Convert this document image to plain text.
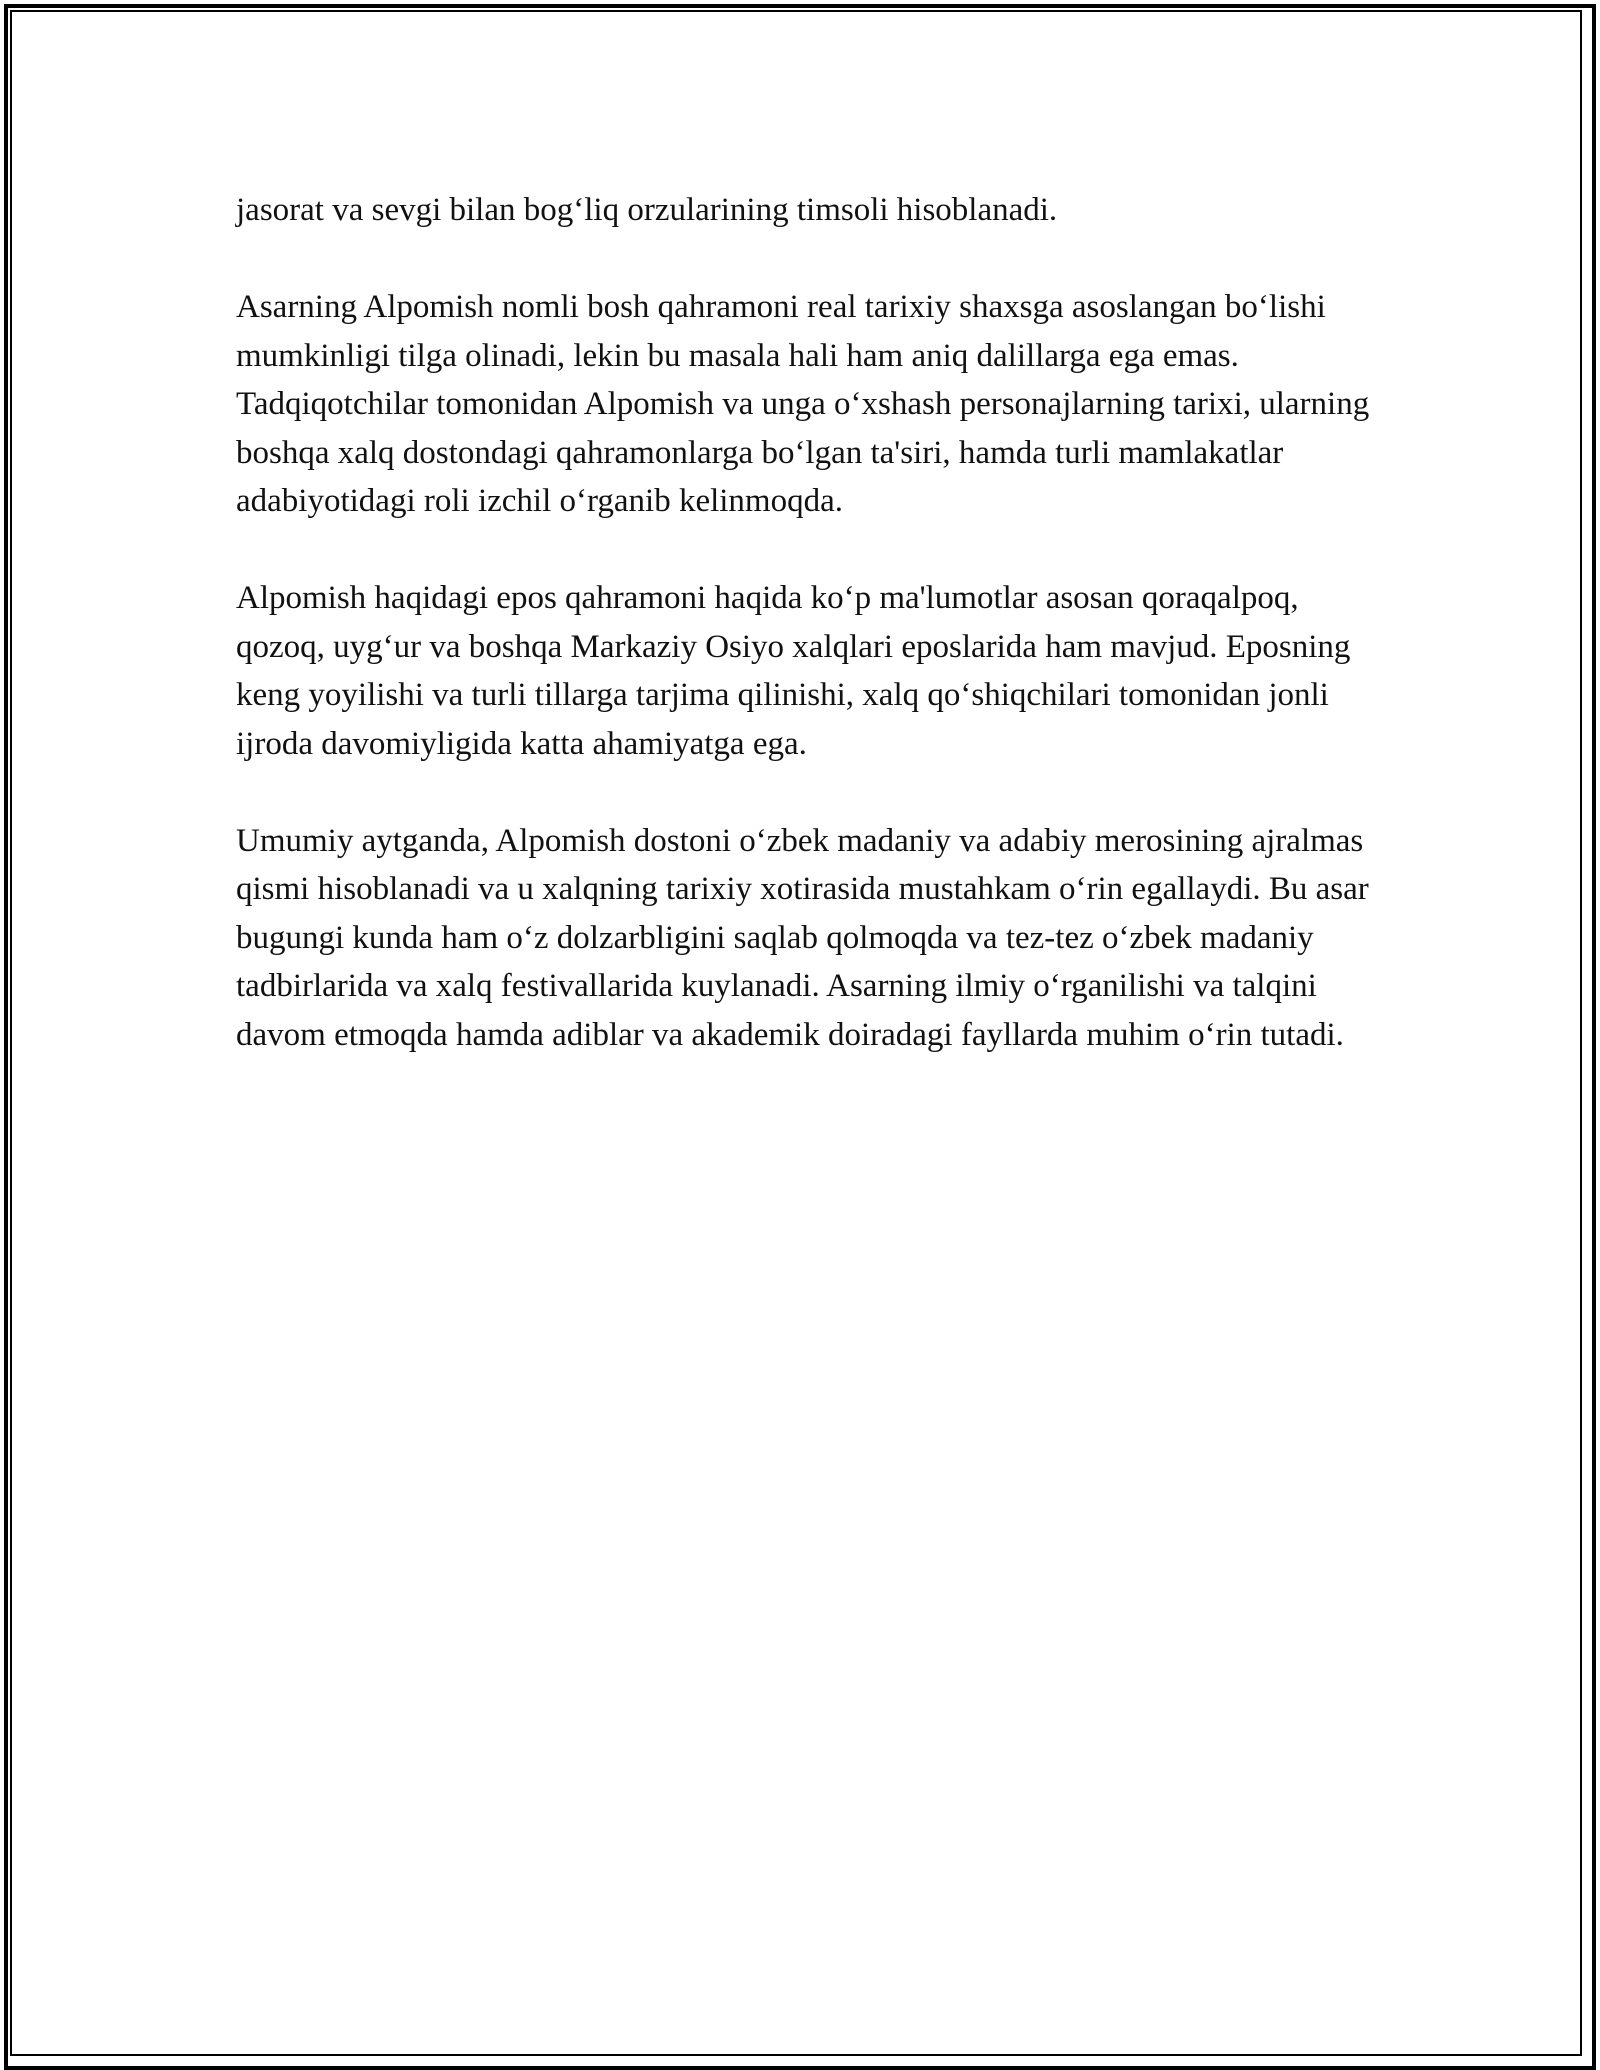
jasorat va sevgi bilan bog‘liq orzularining timsoli hisoblanadi.

Asarning Alpomish nomli bosh qahramoni real tarixiy shaxsga asoslangan bo‘lishi mumkinligi tilga olinadi, lekin bu masala hali ham aniq dalillarga ega emas. Tadqiqotchilar tomonidan Alpomish va unga o‘xshash personajlarning tarixi, ularning boshqa xalq dostondagi qahramonlarga bo‘lgan ta'siri, hamda turli mamlakatlar adabiyotidagi roli izchil o‘rganib kelinmoqda.

Alpomish haqidagi epos qahramoni haqida ko‘p ma'lumotlar asosan qoraqalpoq, qozoq, uyg‘ur va boshqa Markaziy Osiyo xalqlari eposlarida ham mavjud. Eposning keng yoyilishi va turli tillarga tarjima qilinishi, xalq qo‘shiqchilari tomonidan jonli ijroda davomiyligida katta ahamiyatga ega.

Umumiy aytganda, Alpomish dostoni o‘zbek madaniy va adabiy merosining ajralmas qismi hisoblanadi va u xalqning tarixiy xotirasida mustahkam o‘rin egallaydi. Bu asar bugungi kunda ham o‘z dolzarbligini saqlab qolmoqda va tez-tez o‘zbek madaniy tadbirlarida va xalq festivallarida kuylanadi. Asarning ilmiy o‘rganilishi va talqini davom etmoqda hamda adiblar va akademik doiradagi fayllarda muhim o‘rin tutadi.
